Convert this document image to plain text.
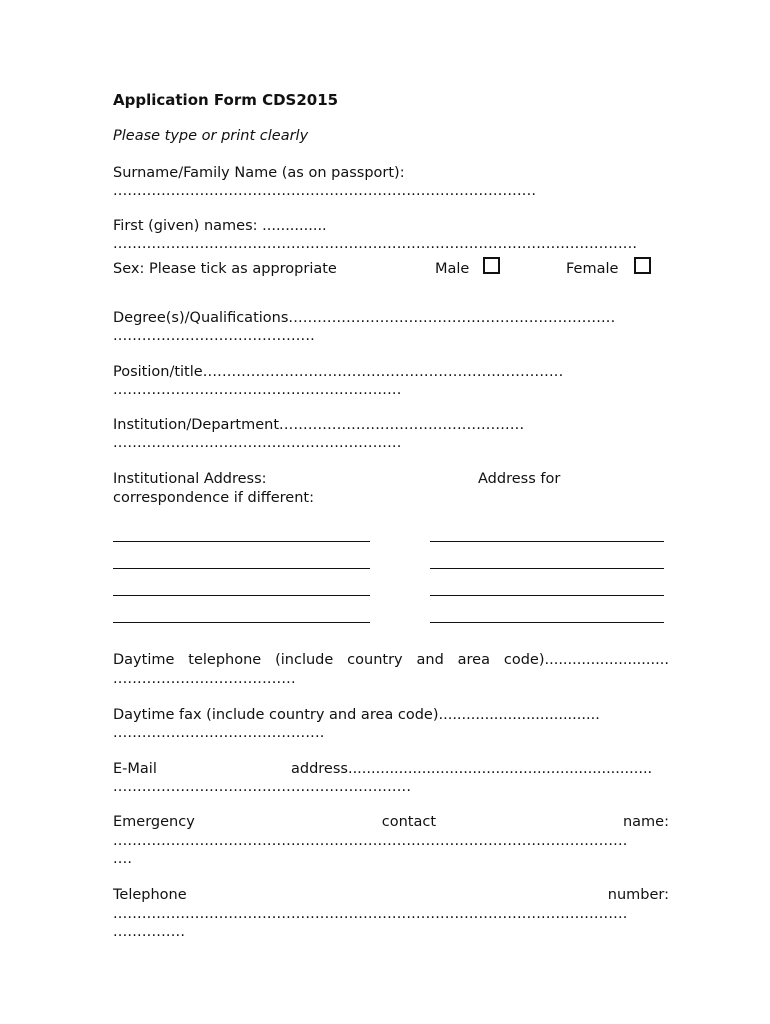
Application Form CDS2015
Please type or print clearly
Surname/Family Name (as on passport):
........................................................................................
First (given) names: ..............
.............................................................................................................
Sex: Please tick as appropriate	Male	Female
Degree(s)/Qualifications....................................................................
..........................................
Position/title...........................................................................
............................................................
Institution/Department...................................................
............................................................
Institutional Address:	Address for
correspondence if different:
Daytime telephone (include country and area code)...........................
......................................
Daytime fax (include country and area code)...................................
............................................
E-Mail	address..................................................................
..............................................................
Emergency	contact	name:
...........................................................................................................
....
Telephone	number:
...........................................................................................................
...............
